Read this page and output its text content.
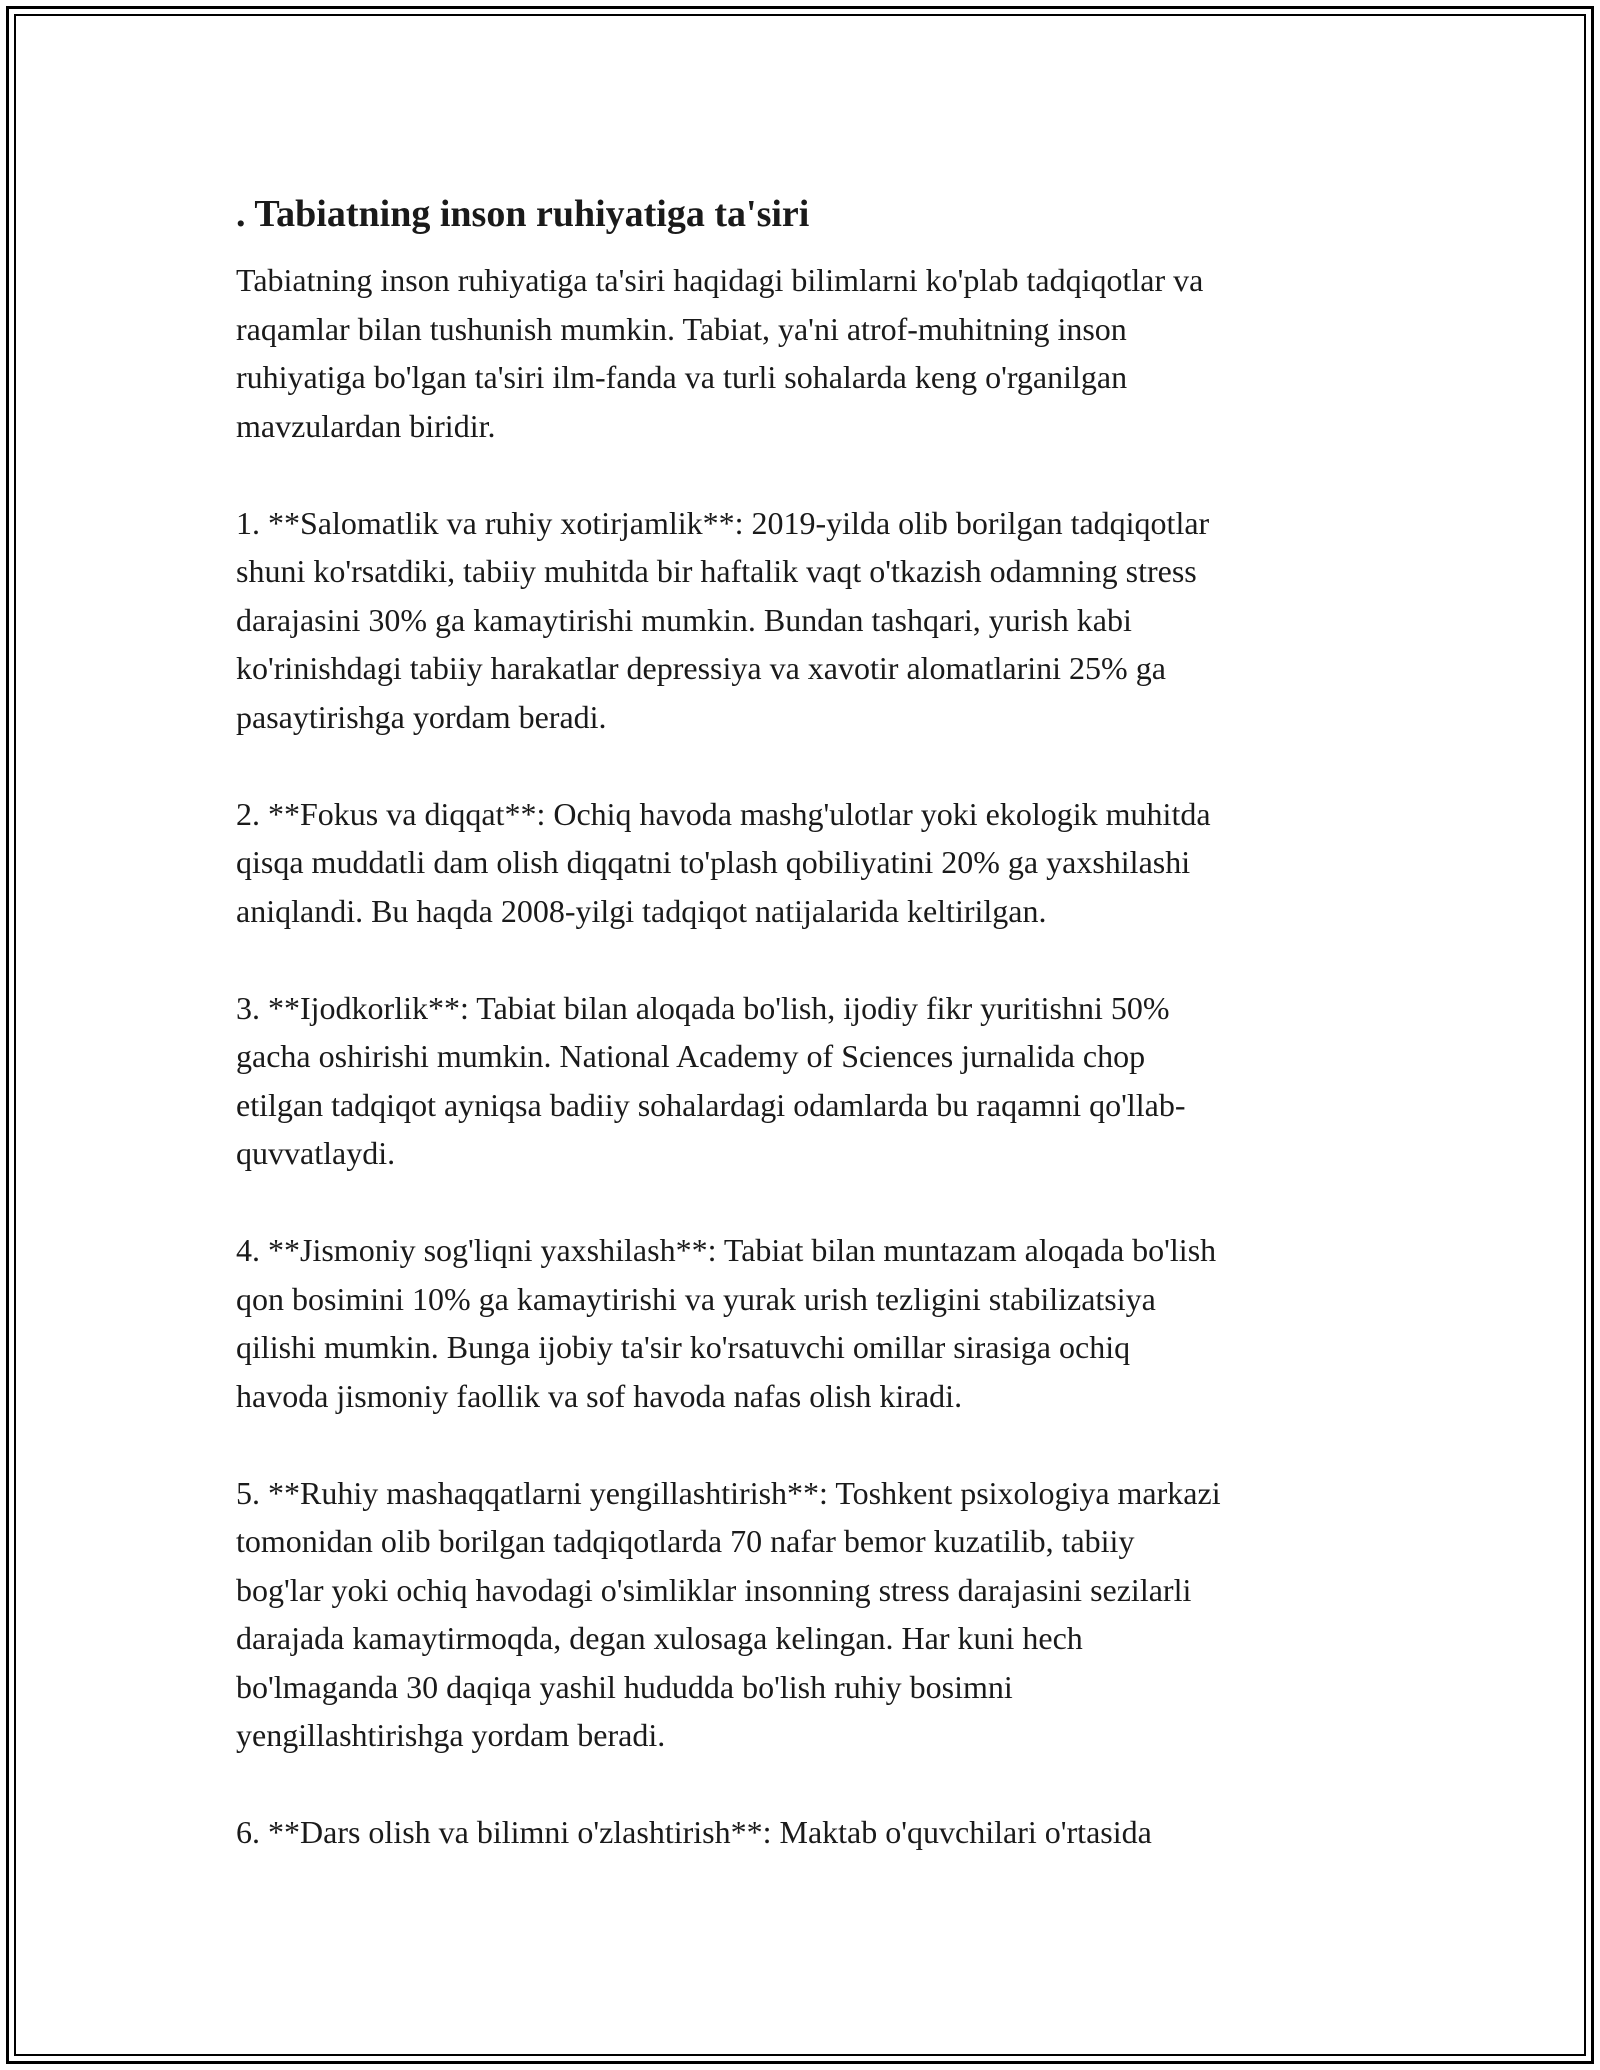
. Tabiatning inson ruhiyatiga ta'siri

Tabiatning inson ruhiyatiga ta'siri haqidagi bilimlarni ko'plab tadqiqotlar va
raqamlar bilan tushunish mumkin. Tabiat, ya'ni atrof-muhitning inson
ruhiyatiga bo'lgan ta'siri ilm-fanda va turli sohalarda keng o'rganilgan
mavzulardan biridir.

1. **Salomatlik va ruhiy xotirjamlik**: 2019-yilda olib borilgan tadqiqotlar
shuni ko'rsatdiki, tabiiy muhitda bir haftalik vaqt o'tkazish odamning stress
darajasini 30% ga kamaytirishi mumkin. Bundan tashqari, yurish kabi
ko'rinishdagi tabiiy harakatlar depressiya va xavotir alomatlarini 25% ga
pasaytirishga yordam beradi.

2. **Fokus va diqqat**: Ochiq havoda mashg'ulotlar yoki ekologik muhitda
qisqa muddatli dam olish diqqatni to'plash qobiliyatini 20% ga yaxshilashi
aniqlandi. Bu haqda 2008-yilgi tadqiqot natijalarida keltirilgan.

3. **Ijodkorlik**: Tabiat bilan aloqada bo'lish, ijodiy fikr yuritishni 50%
gacha oshirishi mumkin. National Academy of Sciences jurnalida chop
etilgan tadqiqot ayniqsa badiiy sohalardagi odamlarda bu raqamni qo'llab-
quvvatlaydi.

4. **Jismoniy sog'liqni yaxshilash**: Tabiat bilan muntazam aloqada bo'lish
qon bosimini 10% ga kamaytirishi va yurak urish tezligini stabilizatsiya
qilishi mumkin. Bunga ijobiy ta'sir ko'rsatuvchi omillar sirasiga ochiq
havoda jismoniy faollik va sof havoda nafas olish kiradi.

5. **Ruhiy mashaqqatlarni yengillashtirish**: Toshkent psixologiya markazi
tomonidan olib borilgan tadqiqotlarda 70 nafar bemor kuzatilib, tabiiy
bog'lar yoki ochiq havodagi o'simliklar insonning stress darajasini sezilarli
darajada kamaytirmoqda, degan xulosaga kelingan. Har kuni hech
bo'lmaganda 30 daqiqa yashil hududda bo'lish ruhiy bosimni
yengillashtirishga yordam beradi.

6. **Dars olish va bilimni o'zlashtirish**: Maktab o'quvchilari o'rtasida
